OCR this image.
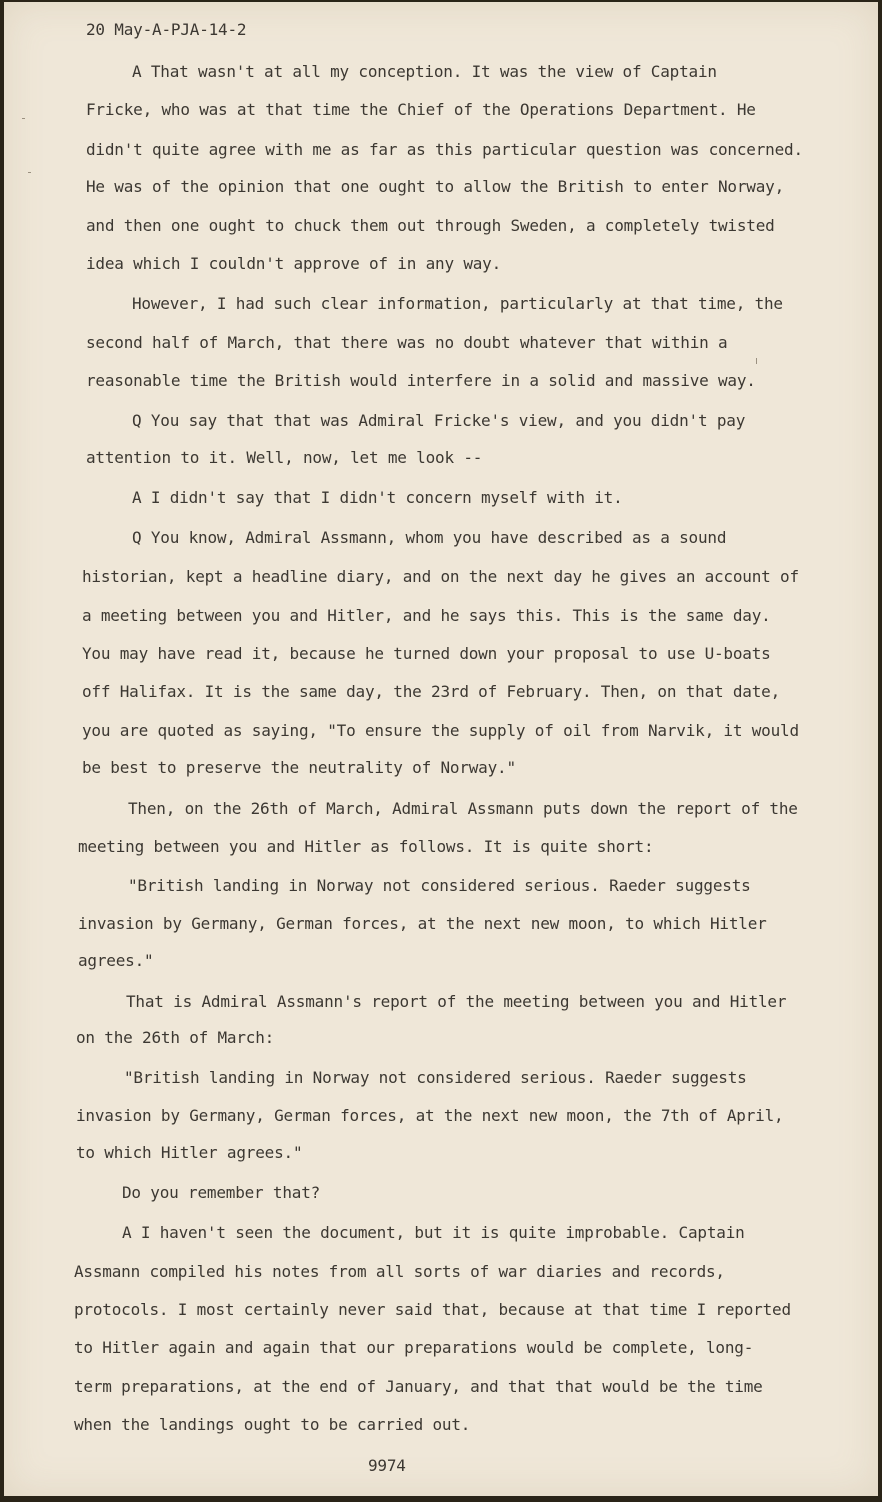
20 May-A-PJA-14-2
A That wasn't at all my conception. It was the view of Captain
Fricke, who was at that time the Chief of the Operations Department. He
didn't quite agree with me as far as this particular question was concerned.
He was of the opinion that one ought to allow the British to enter Norway,
and then one ought to chuck them out through Sweden, a completely twisted
idea which I couldn't approve of in any way.
However, I had such clear information, particularly at that time, the
second half of March, that there was no doubt whatever that within a
reasonable time the British would interfere in a solid and massive way.
Q You say that that was Admiral Fricke's view, and you didn't pay
attention to it. Well, now, let me look --
A I didn't say that I didn't concern myself with it.
Q You know, Admiral Assmann, whom you have described as a sound
historian, kept a headline diary, and on the next day he gives an account of
a meeting between you and Hitler, and he says this. This is the same day.
You may have read it, because he turned down your proposal to use U-boats
off Halifax. It is the same day, the 23rd of February. Then, on that date,
you are quoted as saying, "To ensure the supply of oil from Narvik, it would
be best to preserve the neutrality of Norway."
Then, on the 26th of March, Admiral Assmann puts down the report of the
meeting between you and Hitler as follows. It is quite short:
"British landing in Norway not considered serious. Raeder suggests
invasion by Germany, German forces, at the next new moon, to which Hitler
agrees."
That is Admiral Assmann's report of the meeting between you and Hitler
on the 26th of March:
"British landing in Norway not considered serious. Raeder suggests
invasion by Germany, German forces, at the next new moon, the 7th of April,
to which Hitler agrees."
Do you remember that?
A I haven't seen the document, but it is quite improbable. Captain
Assmann compiled his notes from all sorts of war diaries and records,
protocols. I most certainly never said that, because at that time I reported
to Hitler again and again that our preparations would be complete, long-
term preparations, at the end of January, and that that would be the time
when the landings ought to be carried out.
9974
